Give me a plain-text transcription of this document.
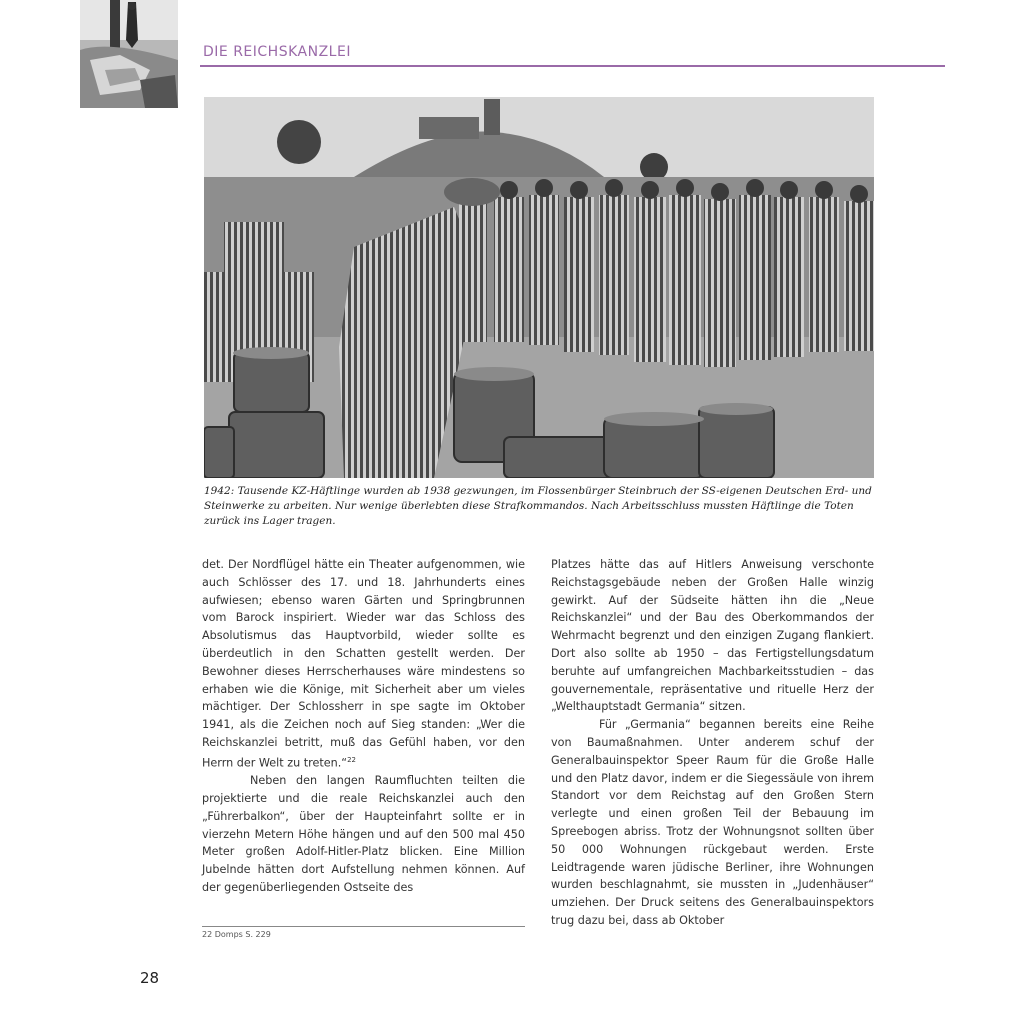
DIE REICHSKANZLEI
1942: Tausende KZ-Häftlinge wurden ab 1938 gezwungen, im Flossenbürger Steinbruch der SS-eigenen Deutschen Erd- und Steinwerke zu arbeiten. Nur wenige überlebten diese Strafkommandos. Nach Arbeitsschluss mussten Häftlinge die Toten zurück ins Lager tragen.

det. Der Nordflügel hätte ein Theater aufgenommen, wie auch Schlösser des 17. und 18. Jahrhunderts eines aufwiesen; ebenso waren Gärten und Springbrunnen vom Barock inspiriert. Wieder war das Schloss des Absolutismus das Hauptvorbild, wieder sollte es überdeutlich in den Schatten gestellt werden. Der Bewohner dieses Herrscherhauses wäre mindestens so erhaben wie die Könige, mit Sicherheit aber um vieles mächtiger. Der Schlossherr in spe sagte im Oktober 1941, als die Zeichen noch auf Sieg standen: „Wer die Reichskanzlei betritt, muß das Gefühl haben, vor den Herrn der Welt zu treten.“$^{22}$

Neben den langen Raumfluchten teilten die projektierte und die reale Reichskanzlei auch den „Führerbalkon“, über der Haupteinfahrt sollte er in vierzehn Metern Höhe hängen und auf den 500 mal 450 Meter großen Adolf-Hitler-Platz blicken. Eine Million Jubelnde hätten dort Aufstellung nehmen können. Auf der gegenüberliegenden Ostseite des

Platzes hätte das auf Hitlers Anweisung verschonte Reichstagsgebäude neben der Großen Halle winzig gewirkt. Auf der Südseite hätten ihn die „Neue Reichskanzlei“ und der Bau des Oberkommandos der Wehrmacht begrenzt und den einzigen Zugang flankiert. Dort also sollte ab 1950 – das Fertigstellungsdatum beruhte auf umfangreichen Machbarkeitsstudien – das gouvernementale, repräsentative und rituelle Herz der „Welthauptstadt Germania“ sitzen.

Für „Germania“ begannen bereits eine Reihe von Baumaßnahmen. Unter anderem schuf der Generalbauinspektor Speer Raum für die Große Halle und den Platz davor, indem er die Siegessäule von ihrem Standort vor dem Reichstag auf den Großen Stern verlegte und einen großen Teil der Bebauung im Spreebogen abriss. Trotz der Wohnungsnot sollten über 50 000 Wohnungen rückgebaut werden. Erste Leidtragende waren jüdische Berliner, ihre Wohnungen wurden beschlagnahmt, sie mussten in „Judenhäuser“ umziehen. Der Druck seitens des Generalbauinspektors trug dazu bei, dass ab Oktober

22 Domps S. 229
28
